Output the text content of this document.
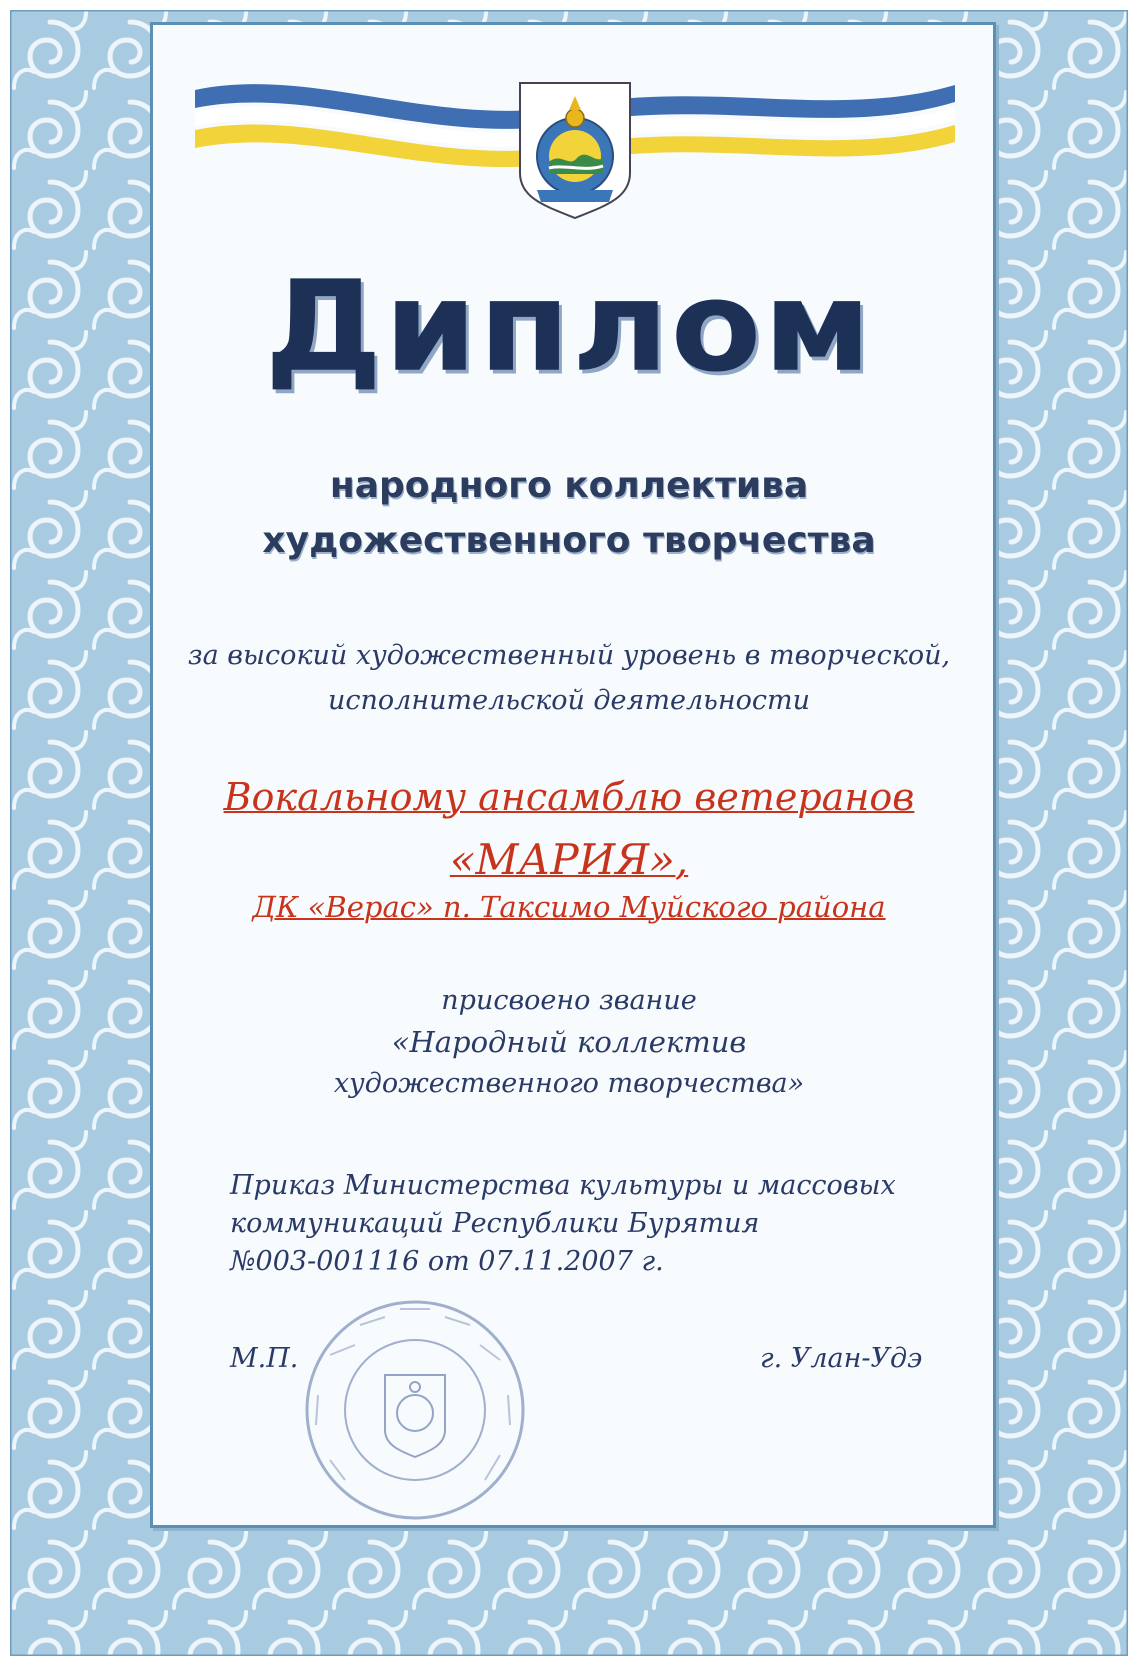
Диплом
народного коллектива
художественного творчества
за высокий художественный уровень в творческой,
исполнительской деятельности
Вокальному ансамблю ветеранов
«МАРИЯ»,
ДК «Верас» п. Таксимо Муйского района
присвоено звание
«Народный коллектив
художественного творчества»
Приказ Министерства культуры и массовых
коммуникаций Республики Бурятия
№003-001116 от 07.11.2007 г.
М.П.	г. Улан-Удэ
